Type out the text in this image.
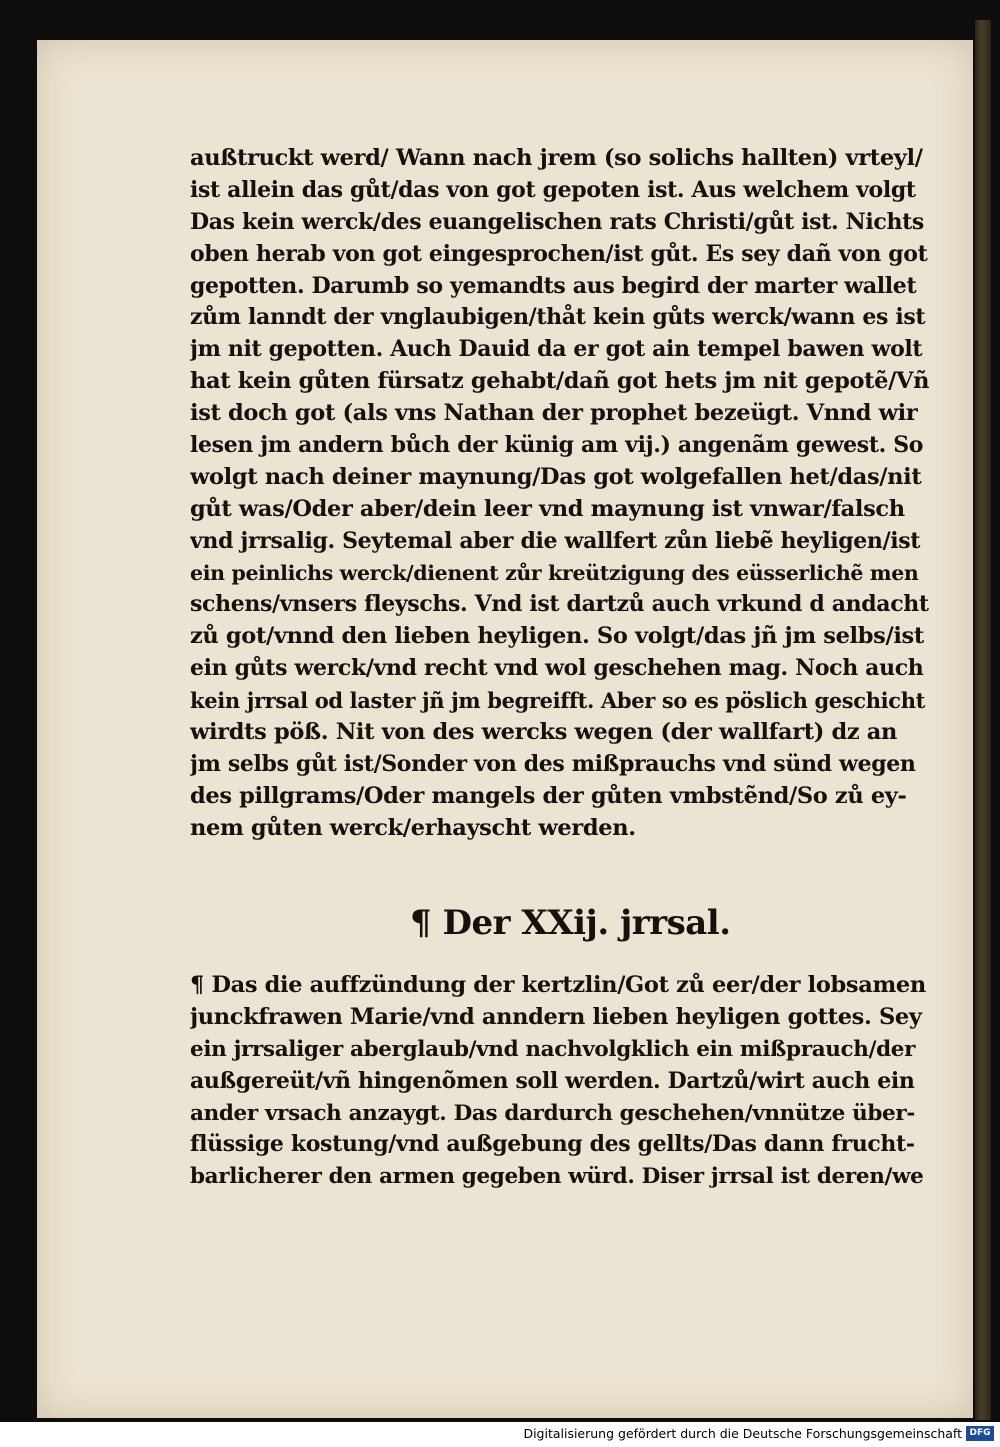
außtruckt werd/ Wann nach jrem (so solichs hallten) vrteyl/
ist allein das gůt/das von got gepoten ist. Aus welchem volgt
Das kein werck/des euangelischen rats Christi/gůt ist. Nichts
oben herab von got eingesprochen/ist gůt. Es sey dañ von got
gepotten. Darumb so yemandts aus begird der marter wallet
zům lanndt der vnglaubigen/thåt kein gůts werck/wann es ist
jm nit gepotten. Auch Dauid da er got ain tempel bawen wolt
hat kein gůten fürsatz gehabt/dañ got hets jm nit gepotẽ/Vñ
ist doch got (als vns Nathan der prophet bezeügt. Vnnd wir
lesen jm andern bůch der künig am vij.) angenãm gewest. So
wolgt nach deiner maynung/Das got wolgefallen het/das/nit
gůt was/Oder aber/dein leer vnd maynung ist vnwar/falsch
vnd jrrsalig. Seytemal aber die wallfert zůn liebẽ heyligen/ist
ein peinlichs werck/dienent zůr kreützigung des eüsserlichẽ men
schens/vnsers fleyschs. Vnd ist dartzů auch vrkund d andacht
zů got/vnnd den lieben heyligen. So volgt/das jñ jm selbs/ist
ein gůts werck/vnd recht vnd wol geschehen mag. Noch auch
kein jrrsal od laster jñ jm begreifft. Aber so es pöslich geschicht
wirdts pöß. Nit von des wercks wegen (der wallfart) dz an
jm selbs gůt ist/Sonder von des mißprauchs vnd sünd wegen
des pillgrams/Oder mangels der gůten vmbstẽnd/So zů ey-
nem gůten werck/erhayscht werden.
¶ Der XXij. jrrsal.
¶ Das die auffzündung der kertzlin/Got zů eer/der lobsamen
junckfrawen Marie/vnd anndern lieben heyligen gottes. Sey
ein jrrsaliger aberglaub/vnd nachvolgklich ein mißprauch/der
außgereüt/vñ hingenõmen soll werden. Dartzů/wirt auch ein
ander vrsach anzaygt. Das dardurch geschehen/vnnütze über-
flüssige kostung/vnd außgebung des gellts/Das dann frucht-
barlicherer den armen gegeben würd. Diser jrrsal ist deren/we
Digitalisierung gefördert durch die Deutsche Forschungsgemeinschaft DFG
